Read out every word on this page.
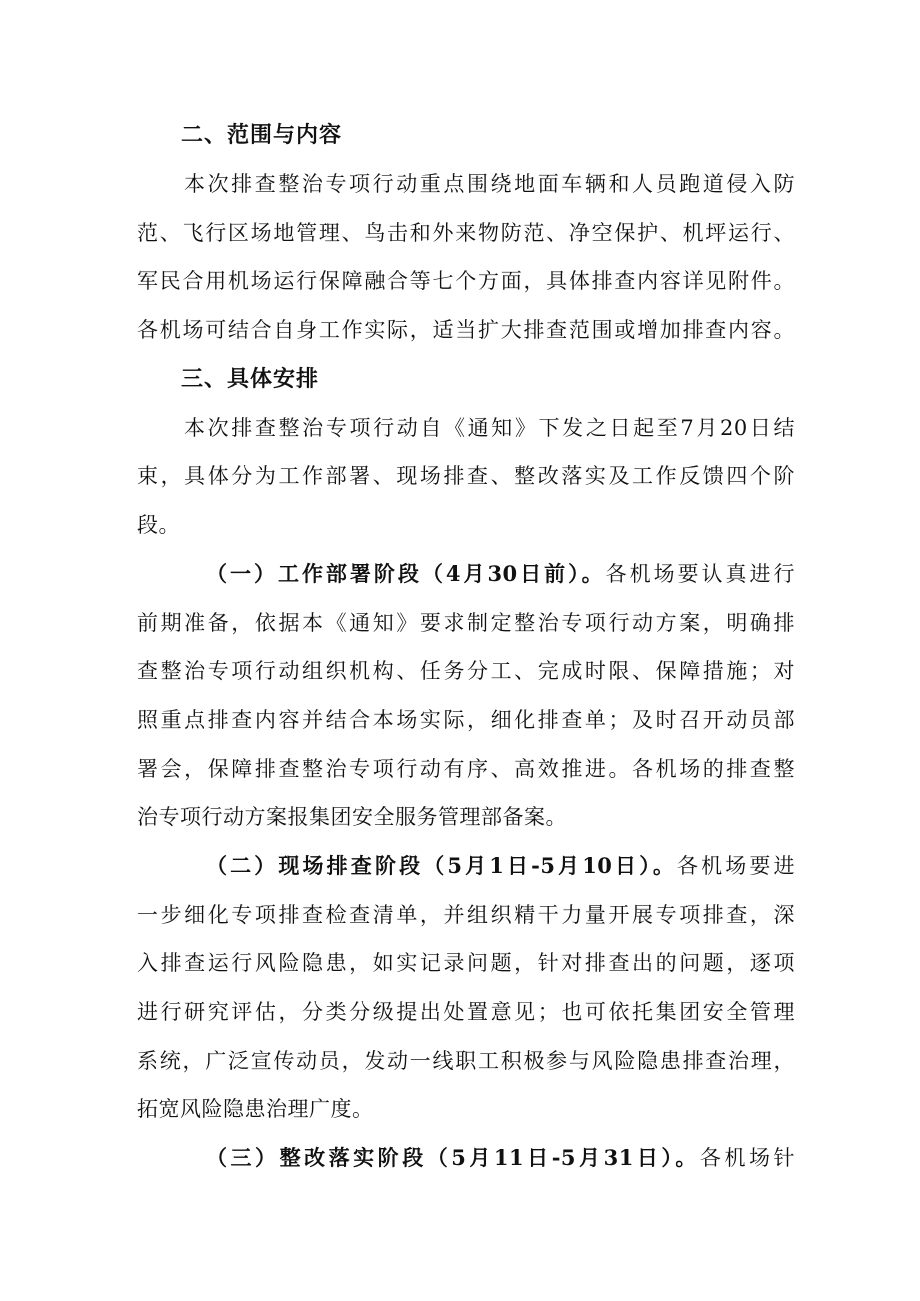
二、范围与内容
本次排查整治专项行动重点围绕地面车辆和人员跑道侵入防
范、飞行区场地管理、鸟击和外来物防范、净空保护、机坪运行、
军民合用机场运行保障融合等七个方面，具体排查内容详见附件。
各机场可结合自身工作实际，适当扩大排查范围或增加排查内容。
三、具体安排
本次排查整治专项行动自《通知》下发之日起至7月20日结
束，具体分为工作部署、现场排查、整改落实及工作反馈四个阶
段。
（一）工作部署阶段（4月30日前）。各机场要认真进行
前期准备，依据本《通知》要求制定整治专项行动方案，明确排
查整治专项行动组织机构、任务分工、完成时限、保障措施；对
照重点排查内容并结合本场实际，细化排查单；及时召开动员部
署会，保障排查整治专项行动有序、高效推进。各机场的排查整
治专项行动方案报集团安全服务管理部备案。
（二）现场排查阶段（5月1日-5月10日）。各机场要进
一步细化专项排查检查清单，并组织精干力量开展专项排查，深
入排查运行风险隐患，如实记录问题，针对排查出的问题，逐项
进行研究评估，分类分级提出处置意见；也可依托集团安全管理
系统，广泛宣传动员，发动一线职工积极参与风险隐患排查治理，
拓宽风险隐患治理广度。
（三）整改落实阶段（5月11日-5月31日）。各机场针
